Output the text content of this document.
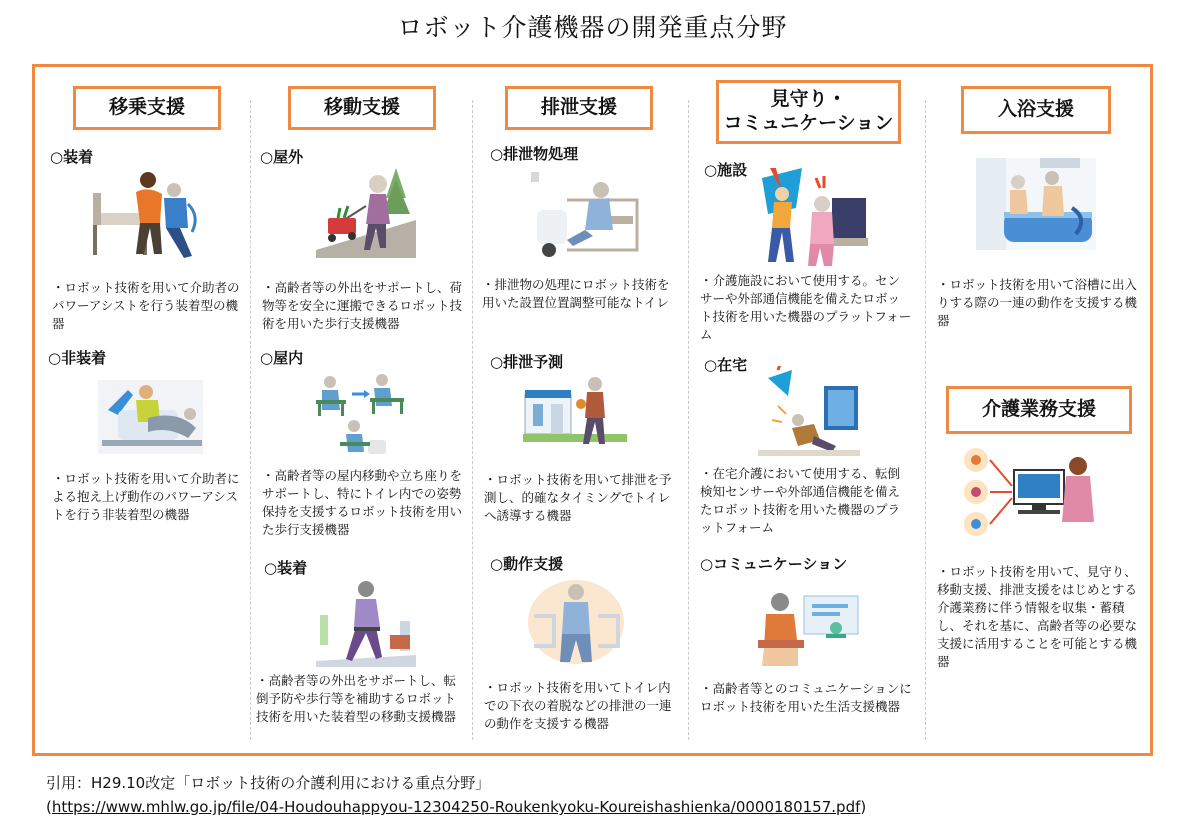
ロボット介護機器の開発重点分野
移乗支援
○装着
・ロボット技術を用いて介助者のパワーアシストを行う装着型の機器
○非装着
・ロボット技術を用いて介助者による抱え上げ動作のパワーアシストを行う非装着型の機器
移動支援
○屋外
・高齢者等の外出をサポートし、荷物等を安全に運搬できるロボット技術を用いた歩行支援機器
○屋内
・高齢者等の屋内移動や立ち座りをサポートし、特にトイレ内での姿勢保持を支援するロボット技術を用いた歩行支援機器
○装着
・高齢者等の外出をサポートし、転倒予防や歩行等を補助するロボット技術を用いた装着型の移動支援機器
排泄支援
○排泄物処理
・排泄物の処理にロボット技術を用いた設置位置調整可能なトイレ
○排泄予測
・ロボット技術を用いて排泄を予測し、的確なタイミングでトイレへ誘導する機器
○動作支援
・ロボット技術を用いてトイレ内での下衣の着脱などの排泄の一連の動作を支援する機器
見守り・
コミュニケーション
○施設
・介護施設において使用する。センサーや外部通信機能を備えたロボット技術を用いた機器のプラットフォーム
○在宅
・在宅介護において使用する、転倒検知センサーや外部通信機能を備えたロボット技術を用いた機器のプラットフォーム
○コミュニケーション
・高齢者等とのコミュニケーションにロボット技術を用いた生活支援機器
入浴支援
・ロボット技術を用いて浴槽に出入りする際の一連の動作を支援する機器
介護業務支援
・ロボット技術を用いて、見守り、移動支援、排泄支援をはじめとする介護業務に伴う情報を収集・蓄積し、それを基に、高齢者等の必要な支援に活用することを可能とする機器
引用：H29.10改定「ロボット技術の介護利用における重点分野」
(https://www.mhlw.go.jp/file/04-Houdouhappyou-12304250-Roukenkyoku-Koureishashienka/0000180157.pdf)
